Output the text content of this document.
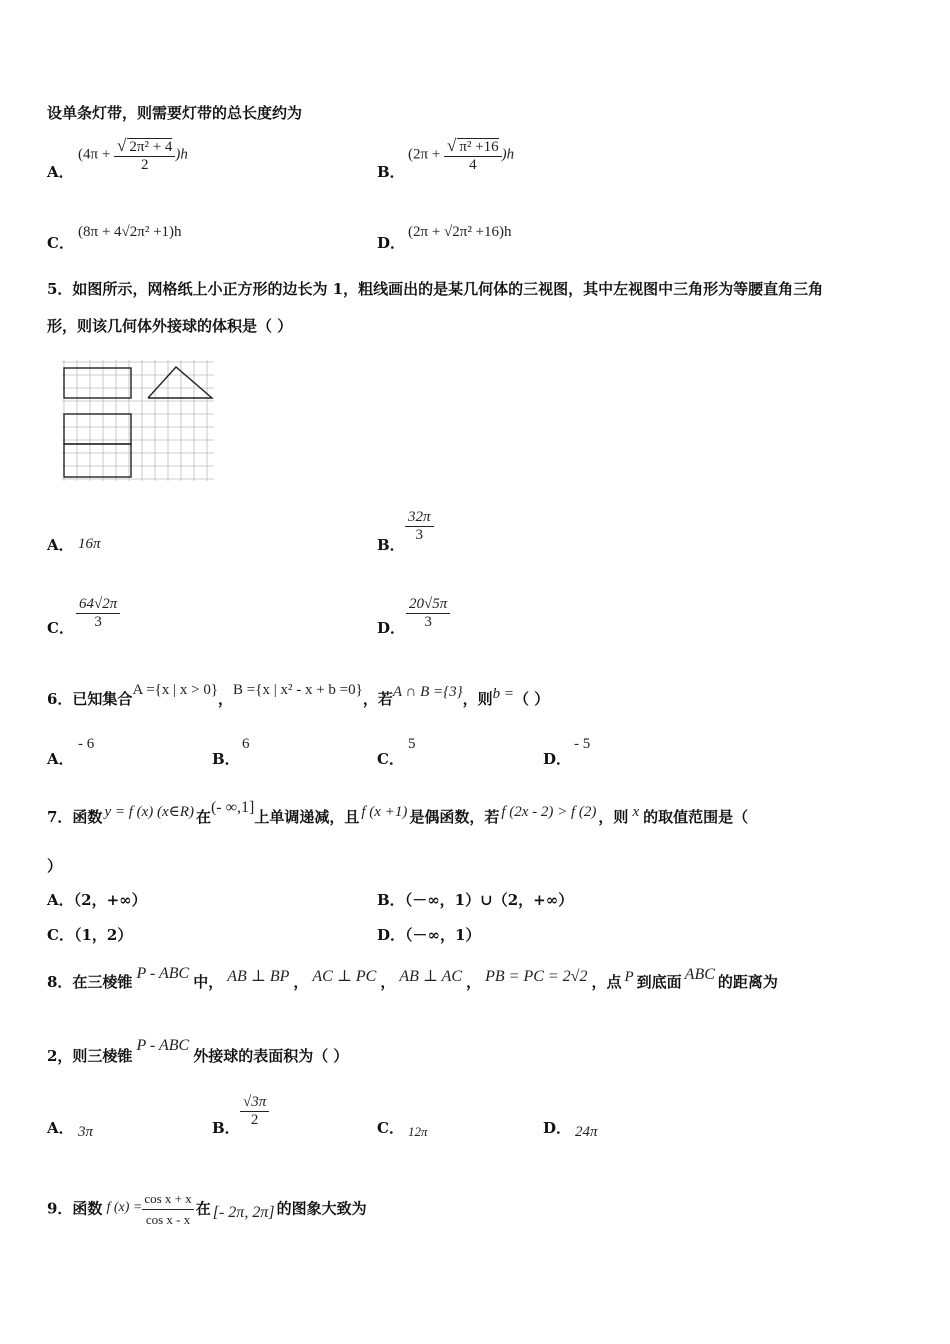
设单条灯带，则需要灯带的总长度约为
A．
$(4\pi + \frac{\text{√ 2π² + 4}}{2} )h$
B．
$(2\pi + \frac{\text{√ π² +16}}{4} )h$
C．
(8π + 4√2π² +1)h
D．
(2π + √2π² +16)h
5．如图所示，网格纸上小正方形的边长为 1，粗线画出的是某几何体的三视图，其中左视图中三角形为等腰直角三角
形，则该几何体外接球的体积是（ ）
A． 16π	B．
$\frac{32\pi}{3}$
C． $\frac{64√2\pi}{3}$	D． $\frac{20√5\pi}{3}$
6．已知集合A ={x | x > 0}，B ={x | x² - x + b =0}，若A ∩ B ={3}，则b =（ ）
A．
- 6
B．
6
C．
5
D．
- 5
7．函数 y = f (x) (x∈R) 在(- ∞,1]上单调递减，且 f (x +1) 是偶函数，若 f (2x - 2) > f (2) ，则 x 的取值范围是（
）
A．（2，+∞）	B．（－∞，1）∪（2，+∞）
C．（1，2）	D．（－∞，1）
8．在三棱锥 P - ABC 中， AB ⊥ BP ， AC ⊥ PC ， AB ⊥ AC ， PB = PC = 2√2 ，点 P 到底面 ABC 的距离为
2，则三棱锥P - ABC外接球的表面积为（ ）
A． 3π	B． $\frac{√3\pi}{2}$	C． 12π	D． 24π
9．函数 f $(x) = \frac{\text{cos x + x}}{\text{cos x - x}}$ 在 [- 2π, 2π] 的图象大致为
